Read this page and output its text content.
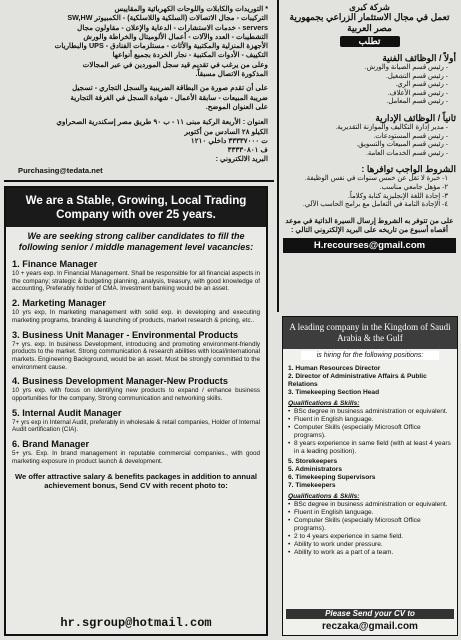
* التوريدات والكابلات واللوحات الكهربائية والمقاييس

التركيبات - مجال الاتصالات (السلكية واللاسلكية) - الكمبيوتر SW,HW

servers - خدمات الاستشارات - الدعاية والإعلان - مقاولون مجال

التشطيبات - العدد والآلات - أعمال الألوميتال والخراطة والورش

الأجهزة المنزلية والمكتبية والأثاث - مستلزمات الفنادق - UPS والبطاريات

التكييف - الأدوات المكتبية - نجار الخردة بجميع أنواعها

وعلى من يرغب في تقديم قيد سجل الموردين في عبر المجالات

المذكورة الاتصال مسبقاً.

على أن تقدم صورة من البطاقة الضريبية والسجل التجاري - تسجيل

ضريبة المبيعات - سابقة الأعمال - شهادة السجل في الغرفة التجارية

على العنوان الموضح.

العنوان : الأربعة الركبة مبنى ١١ - ب ٩٠ طريق مصر إسكندرية الصحراوي

الكيلو ٢٨ السادس من أكتوبر

ت ٣٣٣٣٧٠٠٠ داخلي ١٢١٠

ف ٣٣٣٣٠٨٠١

البريد الالكتروني :

Purchasing@tedata.net
شركة كبرى
تعمل في مجال الاستثمار الزراعي بجمهورية مصر العربية
تطلب
أولاً / الوظائف الفنية
- رئيس قسم الصيانة والورش.
- رئيس قسم التشغيل.
- رئيس قسم الري.
- رئيس قسم الأعلاف.
- رئيس قسم المعامل.
ثانياً / الوظائف الإدارية
- مدير إدارة التكاليف والموازنة التقديرية.
- رئيس قسم المستودعات.
- رئيس قسم المبيعات والتسويق.
- رئيس قسم الخدمات العامة.
الشروط الواجب توافرها :
١- خبرة لا تقل عن خمس سنوات في نفس الوظيفة.
٢- مؤهل جامعي مناسب.
٣- إجادة اللغة الإنجليزية كتابة وكلاماً.
٤- الإجادة التامة في التعامل مع برامج الحاسب الآلي.
على من تتوفر به الشروط إرسال السيرة الذاتية في موعد أقصاه أسبوع من تاريخه على البريد الإلكتروني التالي :
H.recourses@gmail.com
We are a Stable, Growing, Local Trading Company with over 25 years.
We are seeking strong caliber candidates to fill the following senior / middle management level vacancies:
1. Finance Manager
10 + years exp. In Financial Management. Shall be responsible for all financial aspects in the company; strategic & budgeting planning, analysis, treasury, with good knowledge of accounting, Preferably holder of CMA. Investment banking would be an asset.
2. Marketing Manager
10 yrs exp, In marketing management with solid exp. in developing and executing marketing programs, branding & launching of products, market research & pricing, etc..
3. Business Unit Manager - Environmental Products
7+ yrs. exp. In business Development, introducing and promoting environment-friendly products to the market. Strong communication & research abilities with local/international markets. Engineering Background, would be an asset. Must be strongly committed to the environment cause.
4. Business Development Manager-New Products
10 yrs exp. with focus on identifying new products to expand / enhance business opportunities for the company, Strong communication and networking skills.
5. Internal Audit Manager
7+ yrs exp in Internal Audit, preferably in wholesale & retail companies, Holder of Internal Audit certification (CIA).
6. Brand Manager
5+ yrs. Exp. In brand management in reputable commercial companies., with good marketing exposure in product launch & development.
We offer attractive salary & benefits packages in addition to annual achievement bonus, Send CV with recent photo to:
hr.sgroup@hotmail.com
A leading company in the Kingdom of Saudi Arabia & the Gulf
is hiring for the following positions:
1. Human Resources Director
2. Director of Administrative Affairs & Public Relations
3. Timekeeping Section Head
Qualifications & Skills:
• BSc degree in business administration or equivalent.
• Fluent in English language.
• Computer Skills (especially Microsoft Office programs).
• 8 years experience in same field (with at least 4 years in a leading position).
5. Storekeepers
5. Administrators
6. Timekeeping Supervisors
7. Timekeepers
Qualifications & Skills:
• BSc degree in business administration or equivalent.
• Fluent in English language.
• Computer Skills (especially Microsoft Office programs).
• 2 to 4 years experience in same field.
• Ability to work under pressure.
• Ability to work as a part of a team.
Please Send your CV to
reczaka@gmail.com
